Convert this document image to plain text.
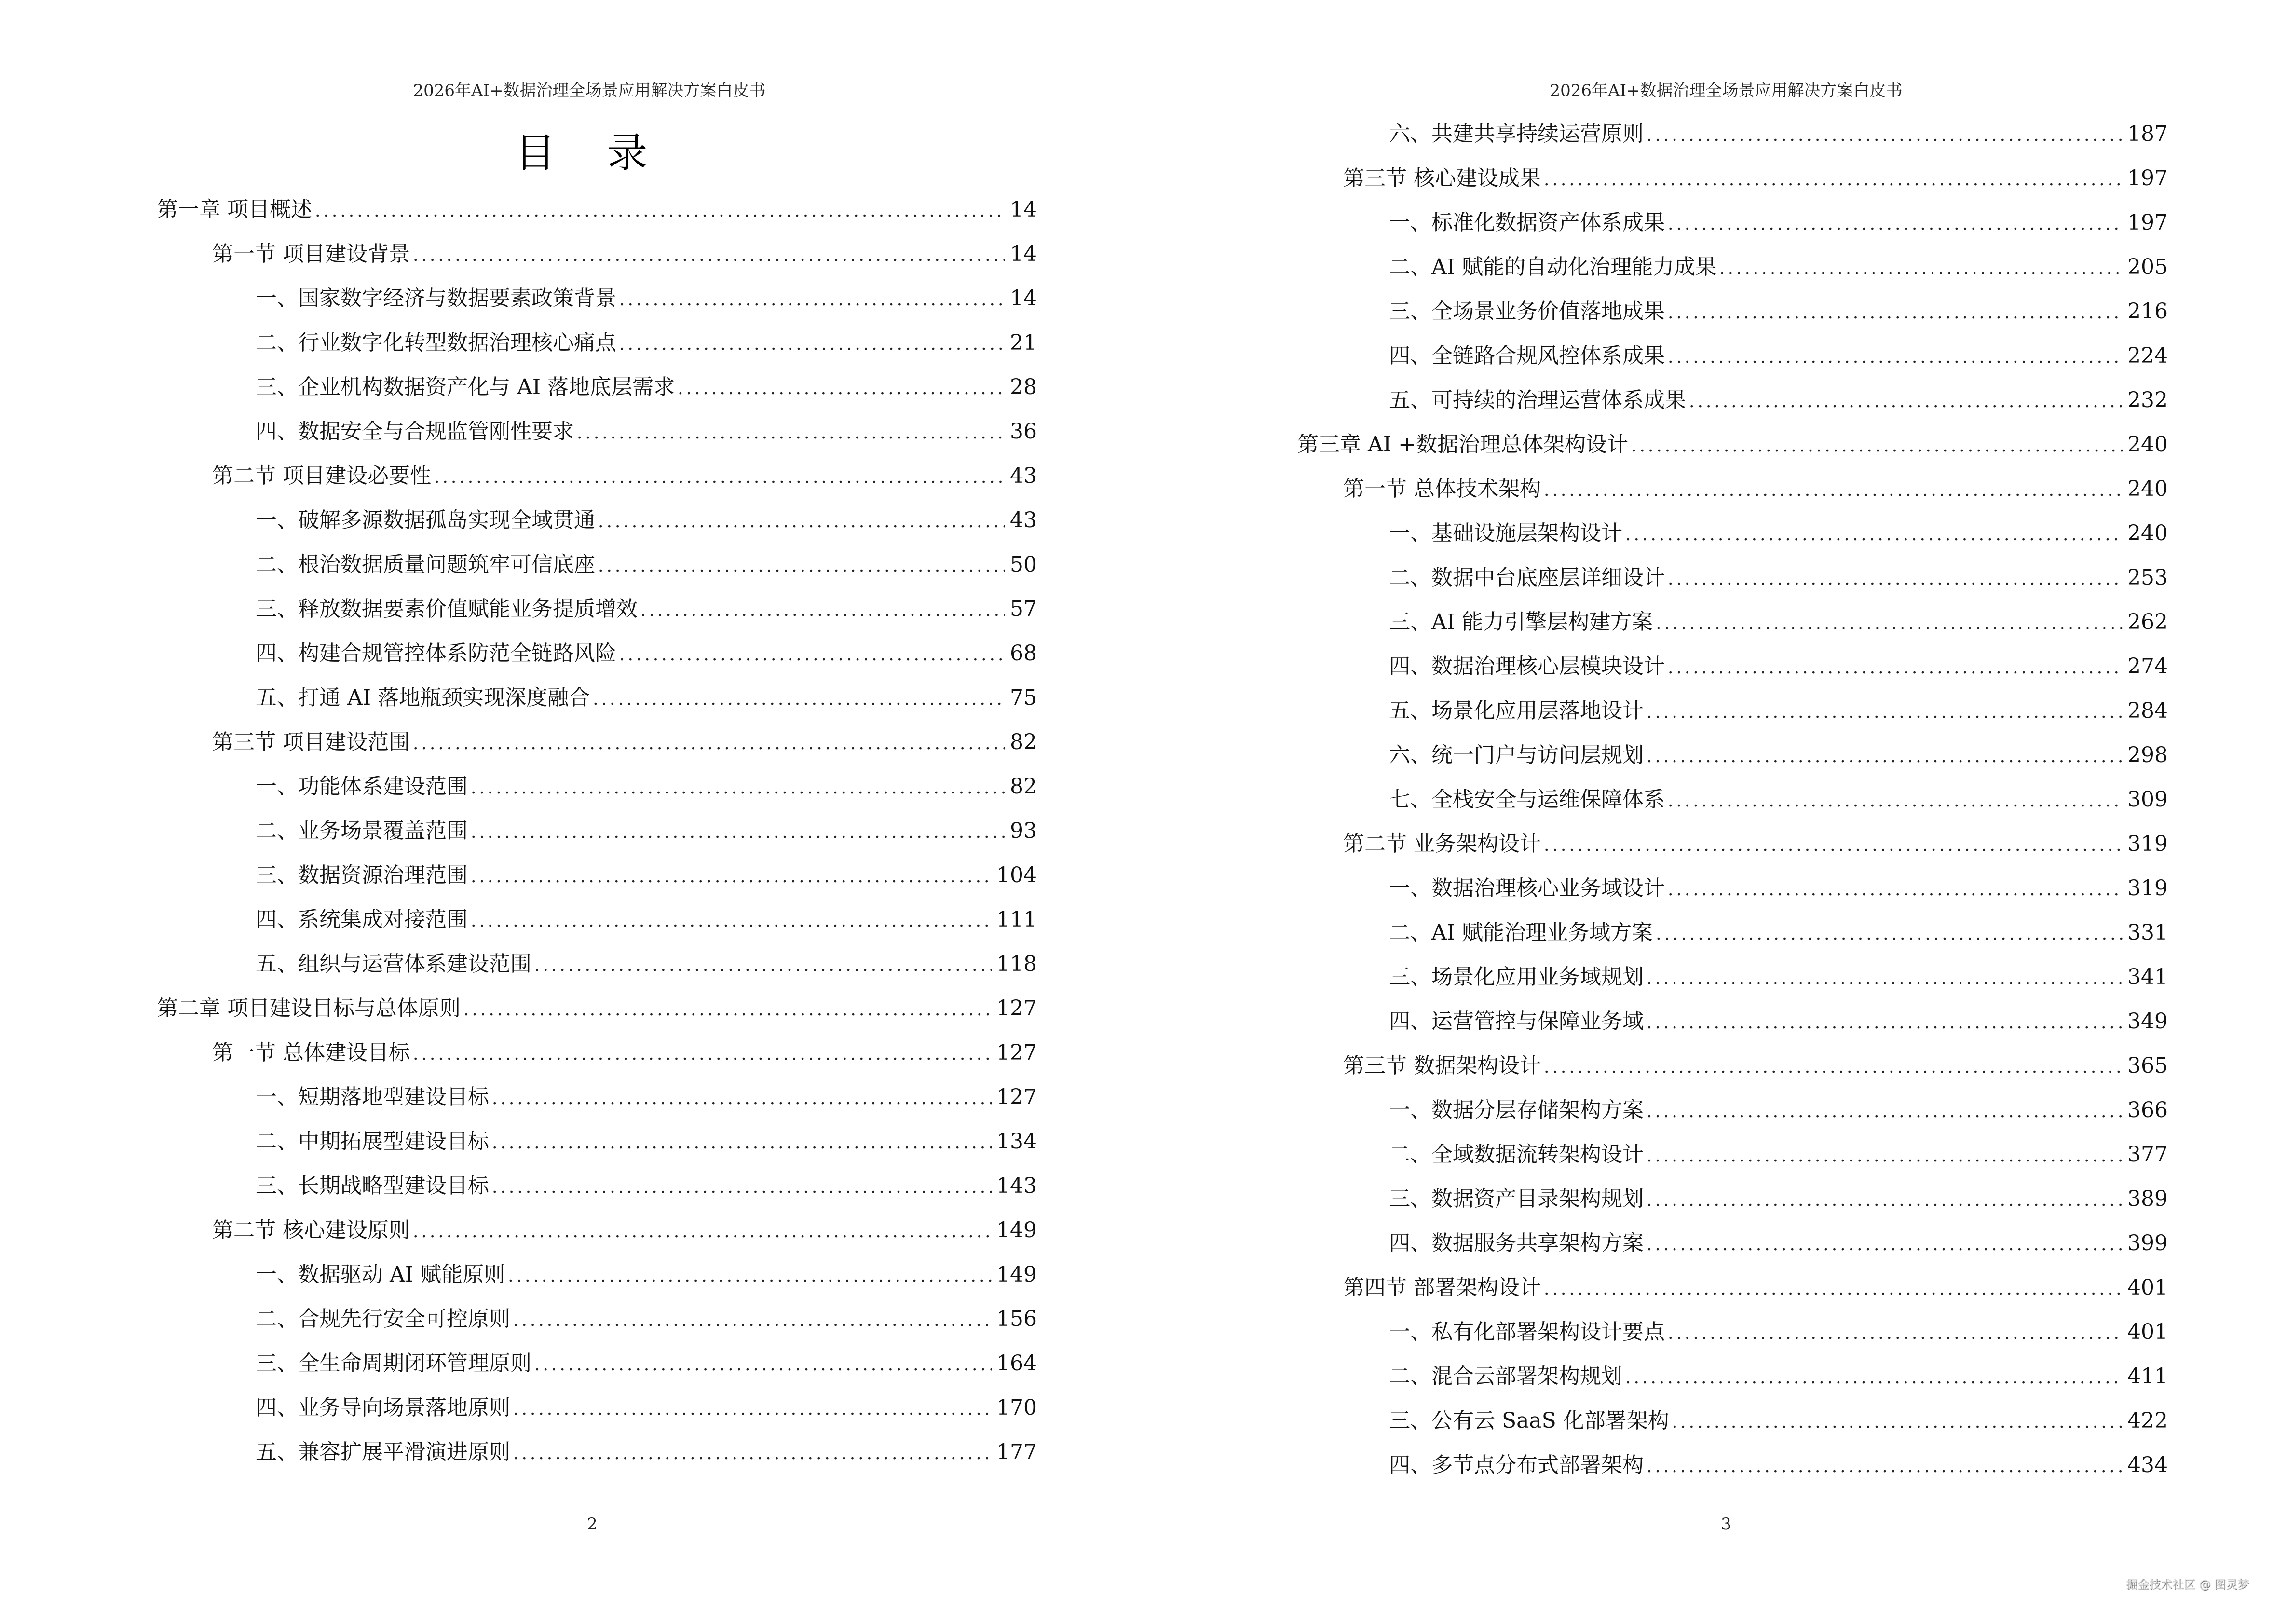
2026年AI+数据治理全场景应用解决方案白皮书
目 录
第一章 项目概述 .....	14
第一节 项目建设背景 .....	14
一、国家数字经济与数据要素政策背景 .....	14
二、行业数字化转型数据治理核心痛点 .....	21
三、企业机构数据资产化与 AI 落地底层需求 .....	28
四、数据安全与合规监管刚性要求 .....	36
第二节 项目建设必要性 .....	43
一、破解多源数据孤岛实现全域贯通 .....	43
二、根治数据质量问题筑牢可信底座 .....	50
三、释放数据要素价值赋能业务提质增效 .....	57
四、构建合规管控体系防范全链路风险 .....	68
五、打通 AI 落地瓶颈实现深度融合 .....	75
第三节 项目建设范围 .....	82
一、功能体系建设范围 .....	82
二、业务场景覆盖范围 .....	93
三、数据资源治理范围 .....	104
四、系统集成对接范围 .....	111
五、组织与运营体系建设范围 .....	118
第二章 项目建设目标与总体原则 .....	127
第一节 总体建设目标 .....	127
一、短期落地型建设目标 .....	127
二、中期拓展型建设目标 .....	134
三、长期战略型建设目标 .....	143
第二节 核心建设原则 .....	149
一、数据驱动 AI 赋能原则 .....	149
二、合规先行安全可控原则 .....	156
三、全生命周期闭环管理原则 .....	164
四、业务导向场景落地原则 .....	170
五、兼容扩展平滑演进原则 .....	177
2
2026年AI+数据治理全场景应用解决方案白皮书
六、共建共享持续运营原则 .....	187
第三节 核心建设成果 .....	197
一、标准化数据资产体系成果 .....	197
二、AI 赋能的自动化治理能力成果 .....	205
三、全场景业务价值落地成果 .....	216
四、全链路合规风控体系成果 .....	224
五、可持续的治理运营体系成果 .....	232
第三章 AI +数据治理总体架构设计 .....	240
第一节 总体技术架构 .....	240
一、基础设施层架构设计 .....	240
二、数据中台底座层详细设计 .....	253
三、AI 能力引擎层构建方案 .....	262
四、数据治理核心层模块设计 .....	274
五、场景化应用层落地设计 .....	284
六、统一门户与访问层规划 .....	298
七、全栈安全与运维保障体系 .....	309
第二节 业务架构设计 .....	319
一、数据治理核心业务域设计 .....	319
二、AI 赋能治理业务域方案 .....	331
三、场景化应用业务域规划 .....	341
四、运营管控与保障业务域 .....	349
第三节 数据架构设计 .....	365
一、数据分层存储架构方案 .....	366
二、全域数据流转架构设计 .....	377
三、数据资产目录架构规划 .....	389
四、数据服务共享架构方案 .....	399
第四节 部署架构设计 .....	401
一、私有化部署架构设计要点 .....	401
二、混合云部署架构规划 .....	411
三、公有云 SaaS 化部署架构 .....	422
四、多节点分布式部署架构 .....	434
3
掘金技术社区 @ 图灵梦
